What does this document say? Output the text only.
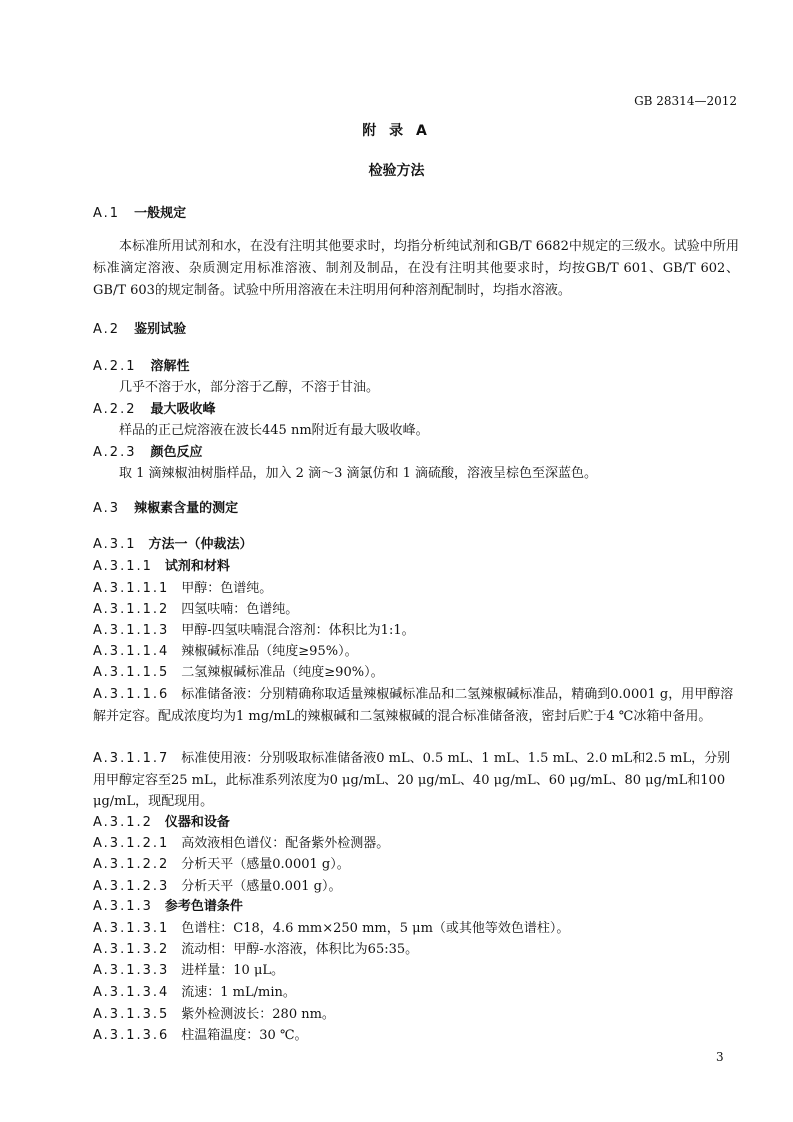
GB 28314—2012
附 录 A
检验方法
A.1 一般规定
本标准所用试剂和水，在没有注明其他要求时，均指分析纯试剂和GB/T 6682中规定的三级水。试验中所用标准滴定溶液、杂质测定用标准溶液、制剂及制品，在没有注明其他要求时，均按GB/T 601、GB/T 602、GB/T 603的规定制备。试验中所用溶液在未注明用何种溶剂配制时，均指水溶液。
A.2 鉴别试验
A.2.1 溶解性
几乎不溶于水，部分溶于乙醇，不溶于甘油。
A.2.2 最大吸收峰
样品的正己烷溶液在波长445 nm附近有最大吸收峰。
A.2.3 颜色反应
取 1 滴辣椒油树脂样品，加入 2 滴～3 滴氯仿和 1 滴硫酸，溶液呈棕色至深蓝色。
A.3 辣椒素含量的测定
A.3.1 方法一（仲裁法）
A.3.1.1 试剂和材料
A.3.1.1.1 甲醇：色谱纯。
A.3.1.1.2 四氢呋喃：色谱纯。
A.3.1.1.3 甲醇-四氢呋喃混合溶剂：体积比为1:1。
A.3.1.1.4 辣椒碱标准品（纯度≥95%）。
A.3.1.1.5 二氢辣椒碱标准品（纯度≥90%）。
A.3.1.1.6 标准储备液：分别精确称取适量辣椒碱标准品和二氢辣椒碱标准品，精确到0.0001 g，用甲醇溶解并定容。配成浓度均为1 mg/mL的辣椒碱和二氢辣椒碱的混合标准储备液，密封后贮于4 ℃冰箱中备用。
A.3.1.1.7 标准使用液：分别吸取标准储备液0 mL、0.5 mL、1 mL、1.5 mL、2.0 mL和2.5 mL，分别用甲醇定容至25 mL，此标准系列浓度为0 μg/mL、20 μg/mL、40 μg/mL、60 μg/mL、80 μg/mL和100 μg/mL，现配现用。
A.3.1.2 仪器和设备
A.3.1.2.1 高效液相色谱仪：配备紫外检测器。
A.3.1.2.2 分析天平（感量0.0001 g）。
A.3.1.2.3 分析天平（感量0.001 g）。
A.3.1.3 参考色谱条件
A.3.1.3.1 色谱柱：C18，4.6 mm×250 mm，5 μm（或其他等效色谱柱）。
A.3.1.3.2 流动相：甲醇-水溶液，体积比为65:35。
A.3.1.3.3 进样量：10 μL。
A.3.1.3.4 流速：1 mL/min。
A.3.1.3.5 紫外检测波长：280 nm。
A.3.1.3.6 柱温箱温度：30 ℃。
3
